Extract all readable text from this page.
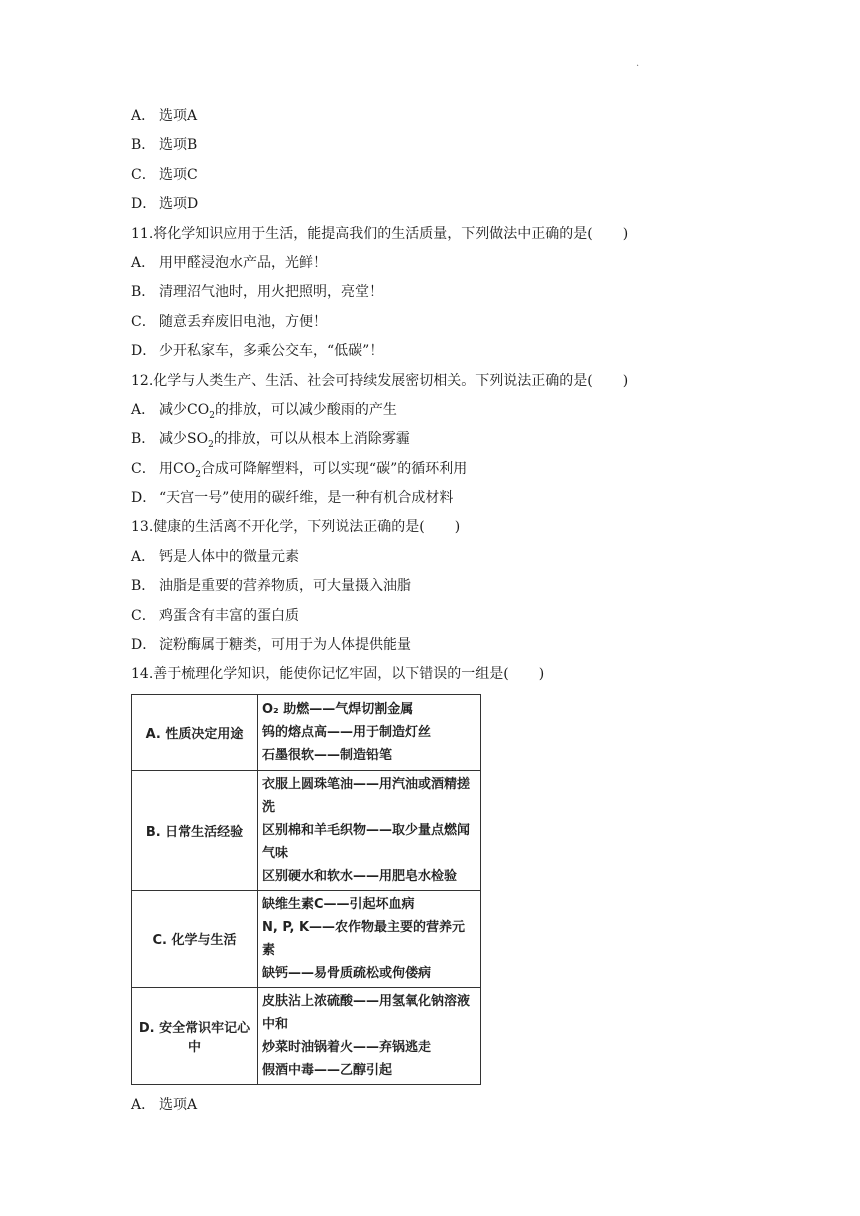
.
A． 选项A
B． 选项B
C． 选项C
D． 选项D
11.将化学知识应用于生活，能提高我们的生活质量，下列做法中正确的是( )
A． 用甲醛浸泡水产品，光鲜！
B． 清理沼气池时，用火把照明，亮堂！
C． 随意丢弃废旧电池，方便！
D． 少开私家车，多乘公交车，“低碳”！
12.化学与人类生产、生活、社会可持续发展密切相关。下列说法正确的是( )
A． 减少$CO_2$的排放，可以减少酸雨的产生
B． 减少$SO_2$的排放，可以从根本上消除雾霾
C． 用$CO_2$合成可降解塑料，可以实现“碳”的循环利用
D． “天宫一号”使用的碳纤维，是一种有机合成材料
13.健康的生活离不开化学，下列说法正确的是( )
A． 钙是人体中的微量元素
B． 油脂是重要的营养物质，可大量摄入油脂
C． 鸡蛋含有丰富的蛋白质
D． 淀粉酶属于糖类，可用于为人体提供能量
14.善于梳理化学知识，能使你记忆牢固，以下错误的一组是( )
A. 性质决定用途	O₂ 助燃——气焊切割金属
钨的熔点高——用于制造灯丝
石墨很软——制造铅笔

B. 日常生活经验	衣服上圆珠笔油——用汽油或酒精搓洗
区别棉和羊毛织物——取少量点燃闻气味
区别硬水和软水——用肥皂水检验

C. 化学与生活	缺维生素C——引起坏血病
N, P, K——农作物最主要的营养元素
缺钙——易骨质疏松或佝偻病

D. 安全常识牢记心中	皮肤沾上浓硫酸——用氢氧化钠溶液中和
炒菜时油锅着火——弃锅逃走
假酒中毒——乙醇引起
A． 选项A
